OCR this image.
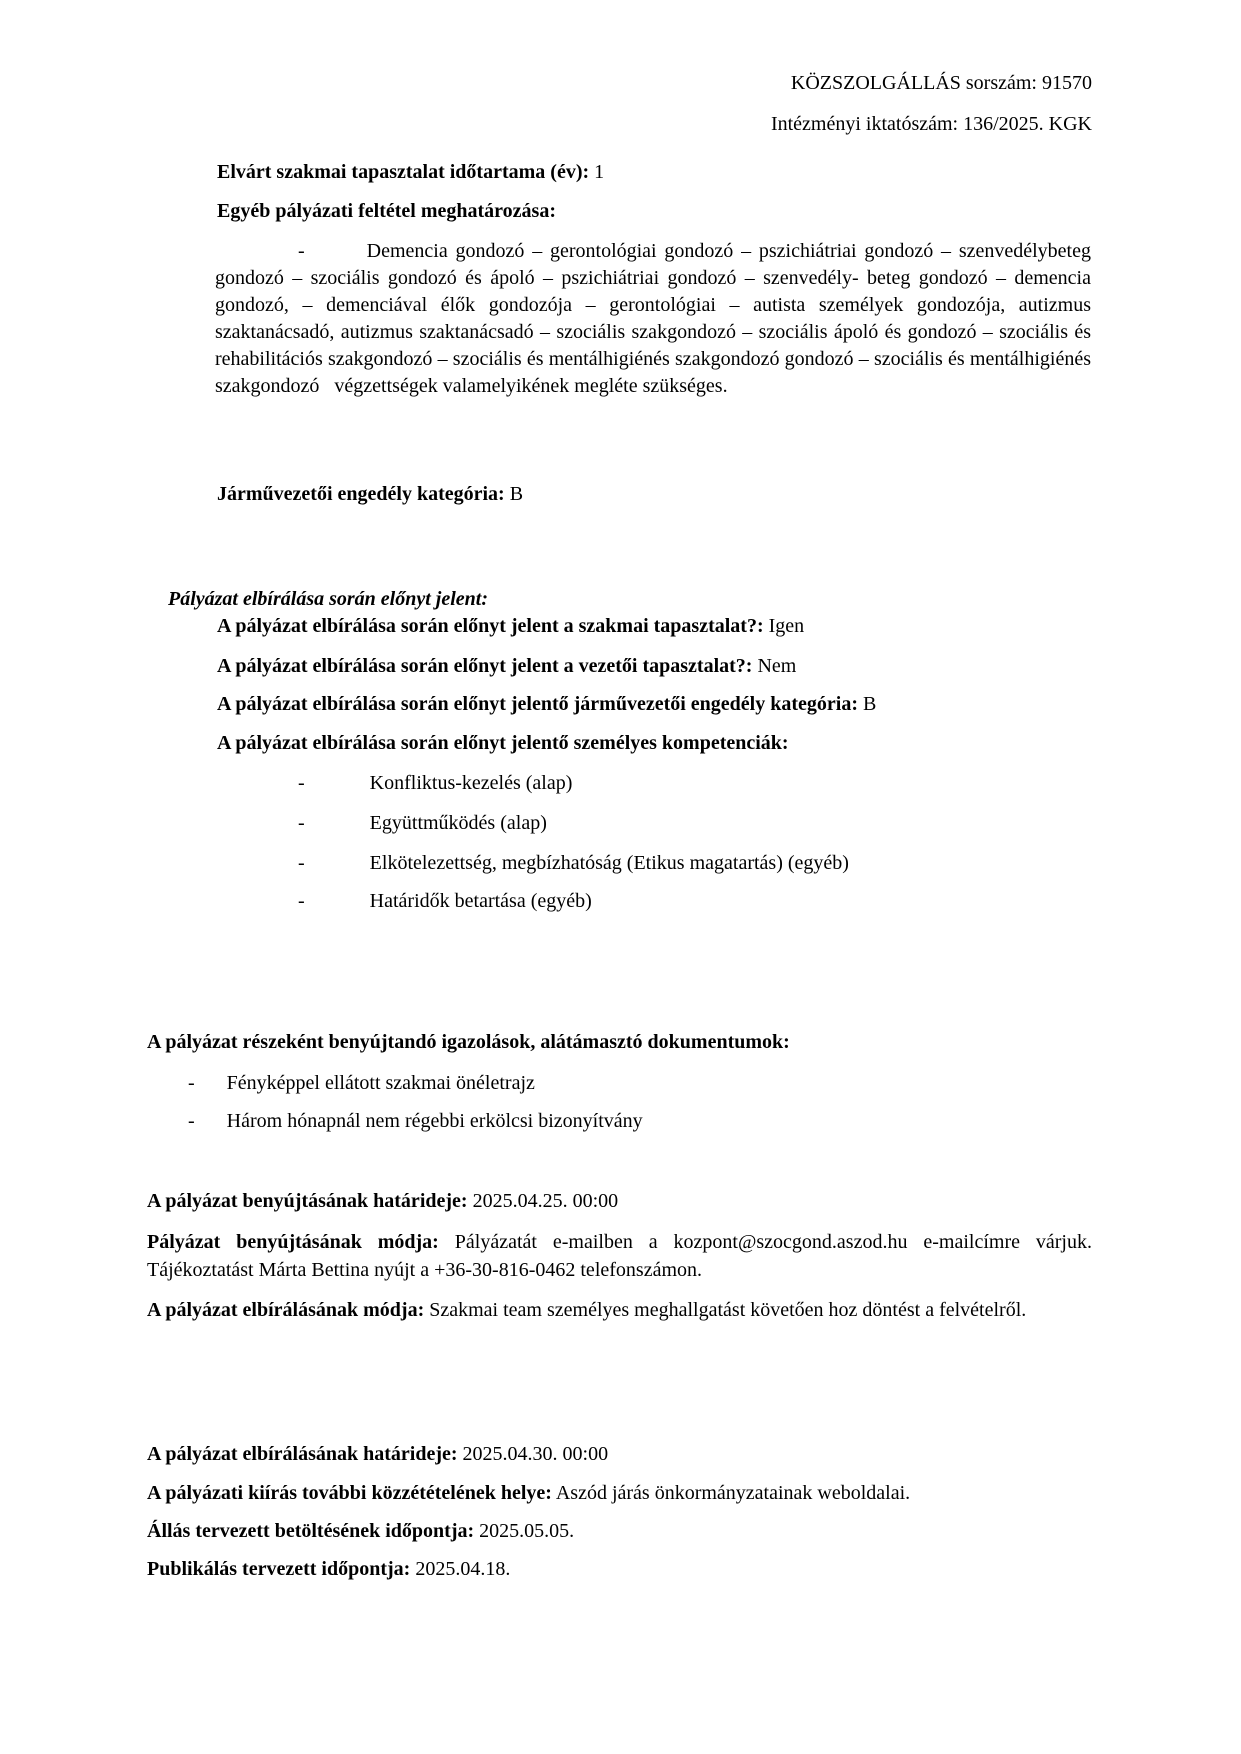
KÖZSZOLGÁLLÁS sorszám: 91570
Intézményi iktatószám: 136/2025. KGK
Elvárt szakmai tapasztalat időtartama (év): 1
Egyéb pályázati feltétel meghatározása:
-	Demencia gondozó – gerontológiai gondozó – pszichiátriai gondozó – szenvedélybeteg gondozó – szociális gondozó és ápoló – pszichiátriai gondozó – szenvedély- beteg gondozó – demencia gondozó, – demenciával élők gondozója – gerontológiai – autista személyek gondozója, autizmus szaktanácsadó, autizmus szaktanácsadó – szociális szakgondozó – szociális ápoló és gondozó – szociális és rehabilitációs szakgondozó – szociális és mentálhigiénés szakgondozó gondozó – szociális és mentálhigiénés szakgondozó   végzettségek valamelyikének megléte szükséges.
Járművezetői engedély kategória: B
Pályázat elbírálása során előnyt jelent:
A pályázat elbírálása során előnyt jelent a szakmai tapasztalat?: Igen
A pályázat elbírálása során előnyt jelent a vezetői tapasztalat?: Nem
A pályázat elbírálása során előnyt jelentő járművezetői engedély kategória: B
A pályázat elbírálása során előnyt jelentő személyes kompetenciák:
-	Konfliktus-kezelés (alap)
-	Együttműködés (alap)
-	Elkötelezettség, megbízhatóság (Etikus magatartás) (egyéb)
-	Határidők betartása (egyéb)
A pályázat részeként benyújtandó igazolások, alátámasztó dokumentumok:
- Fényképpel ellátott szakmai önéletrajz
- Három hónapnál nem régebbi erkölcsi bizonyítvány
A pályázat benyújtásának határideje: 2025.04.25. 00:00
Pályázat benyújtásának módja: Pályázatát e-mailben a kozpont@szocgond.aszod.hu e-mailcímre várjuk. Tájékoztatást Márta Bettina nyújt a +36-30-816-0462 telefonszámon.
A pályázat elbírálásának módja: Szakmai team személyes meghallgatást követően hoz döntést a felvételről.
A pályázat elbírálásának határideje: 2025.04.30. 00:00
A pályázati kiírás további közzétételének helye: Aszód járás önkormányzatainak weboldalai.
Állás tervezett betöltésének időpontja: 2025.05.05.
Publikálás tervezett időpontja: 2025.04.18.
